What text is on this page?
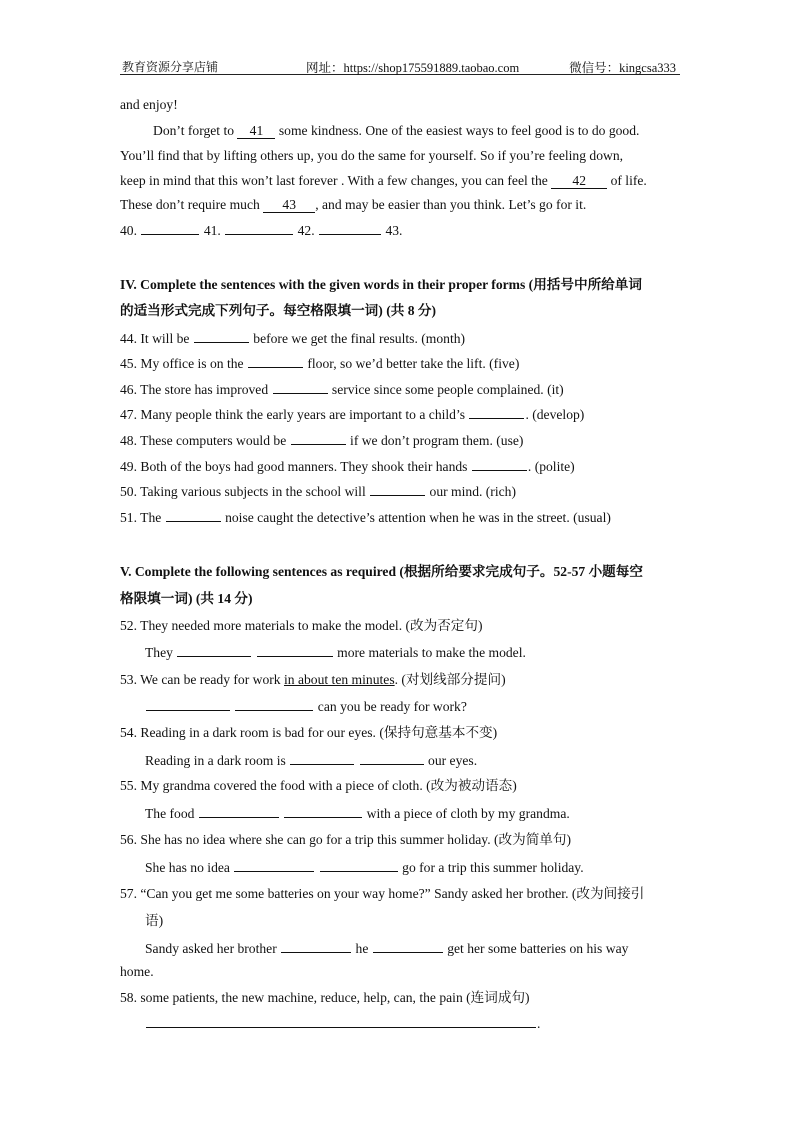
教育资源分享店铺	网址：https://shop175591889.taobao.com	微信号：kingcsa333
and enjoy!
Don’t forget to 41 some kindness. One of the easiest ways to feel good is to do good.
You’ll find that by lifting others up, you do the same for yourself. So if you’re feeling down,
keep in mind that this won’t last forever . With a few changes, you can feel the 42 of life.
These don’t require much 43 , and may be easier than you think. Let’s go for it.
40.	41.	42.	43.
IV. Complete the sentences with the given words in their proper forms (用括号中所给单词
的适当形式完成下列句子。每空格限填一词) (共 8 分)
44. It will be	before we get the final results. (month)
45. My office is on the	floor, so we’d better take the lift. (five)
46. The store has improved	service since some people complained. (it)
47. Many people think the early years are important to a child’s	. (develop)
48. These computers would be	if we don’t program them. (use)
49. Both of the boys had good manners. They shook their hands	. (polite)
50. Taking various subjects in the school will	our mind. (rich)
51. The	noise caught the detective’s attention when he was in the street. (usual)
V. Complete the following sentences as required (根据所给要求完成句子。52-57 小题每空
格限填一词) (共 14 分)
52. They needed more materials to make the model. (改为否定句)
They	more materials to make the model.
53. We can be ready for work in about ten minutes. (对划线部分提问)
can you be ready for work?
54. Reading in a dark room is bad for our eyes. (保持句意基本不变)
Reading in a dark room is	our eyes.
55. My grandma covered the food with a piece of cloth. (改为被动语态)
The food	with a piece of cloth by my grandma.
56. She has no idea where she can go for a trip this summer holiday. (改为简单句)
She has no idea	go for a trip this summer holiday.
57. “Can you get me some batteries on your way home?” Sandy asked her brother. (改为间接引
语)
Sandy asked her brother	he	get her some batteries on his way
home.
58. some patients, the new machine, reduce, help, can, the pain (连词成句)
.
